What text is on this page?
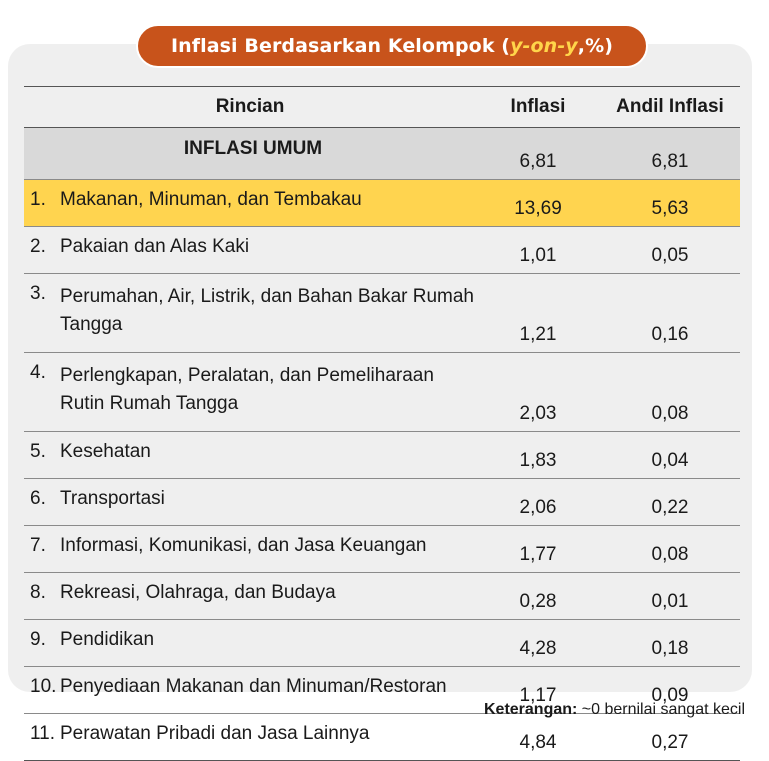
Inflasi Berdasarkan Kelompok ( y-on-y ,%)
Rincian	Inflasi	Andil Inflasi
INFLASI UMUM	6,81	6,81

1. Makanan, Minuman, dan Tembakau	13,69	5,63

2. Pakaian dan Alas Kaki	1,01	0,05

3. Perumahan, Air, Listrik, dan Bahan Bakar Rumah Tangga	1,21	0,16

4. Perlengkapan, Peralatan, dan Pemeliharaan Rutin Rumah Tangga	2,03	0,08

5. Kesehatan	1,83	0,04

6. Transportasi	2,06	0,22

7. Informasi, Komunikasi, dan Jasa Keuangan	1,77	0,08

8. Rekreasi, Olahraga, dan Budaya	0,28	0,01

9. Pendidikan	4,28	0,18

10. Penyediaan Makanan dan Minuman/Restoran	1,17	0,09

11. Perawatan Pribadi dan Jasa Lainnya	4,84	0,27
Keterangan: ~0 bernilai sangat kecil
